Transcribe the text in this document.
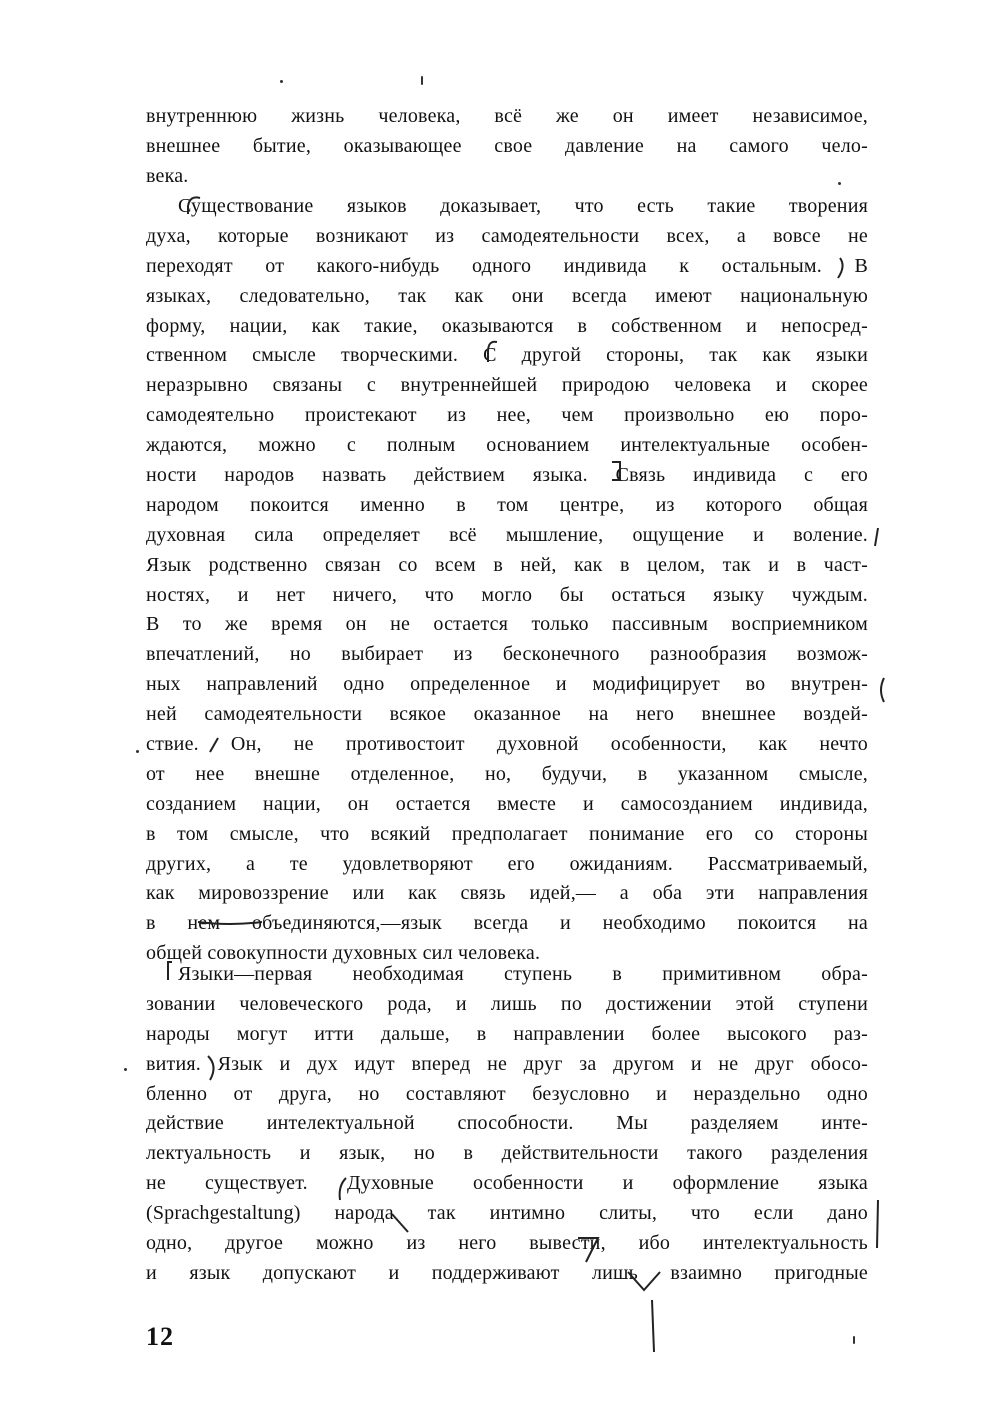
внутреннюю жизнь человека, всё же он имеет независимое,
внешнее бытие, оказывающее свое давление на самого чело-
века.
Существование языков доказывает, что есть такие творения
духа, которые возникают из самодеятельности всех, а вовсе не
переходят от какого-нибудь одного индивида к остальным. В
языках, следовательно, так как они всегда имеют национальную
форму, нации, как такие, оказываются в собственном и непосред-
ственном смысле творческими. С другой стороны, так как языки
неразрывно связаны с внутреннейшей природою человека и скорее
самодеятельно проистекают из нее, чем произвольно ею порo-
ждаются, можно с полным основанием интелектуальные особен-
ности народов назвать действием языка. Связь индивида с его
народом покоится именно в том центре, из которого общая
духовная сила определяет всё мышление, ощущение и воление.
Язык родственно связан со всем в ней, как в целом, так и в част-
ностях, и нет ничего, что могло бы остаться языку чуждым.
В то же время он не остается только пассивным восприемником
впечатлений, но выбирает из бесконечного разнообразия возмож-
ных направлений одно определенное и модифицирует во внутрен-
ней самодеятельности всякое оказанное на него внешнее воздей-
ствие. Он, не противостоит духовной особенности, как нечто
от нее внешне отделенное, но, будучи, в указанном смысле,
созданием нации, он остается вместе и самосозданием индивида,
в том смысле, что всякий предполагает понимание его со стороны
других, а те удовлетворяют его ожиданиям. Рассматриваемый,
как мировоззрение или как связь идей,— а оба эти направления
в нем объединяются,—язык всегда и необходимо покоится на
общей совокупности духовных сил человека.
Языки—первая необходимая ступень в примитивном обра-
зовании человеческого рода, и лишь по достижении этой ступени
народы могут итти дальше, в направлении более высокого раз-
вития. Язык и дух идут вперед не друг за другом и не друг обосо-
бленно от друга, но составляют безусловно и нераздельно одно
действие интелектуальной способности. Мы разделяем инте-
лектуальность и язык, но в действительности такого разделения
не существует. Духовные особенности и оформление языка
(Sprachgestaltung) народа так интимно слиты, что если дано
одно, другое можно из него вывести, ибо интелектуальность
и язык допускают и поддерживают лишь взаимно пригодные
12
